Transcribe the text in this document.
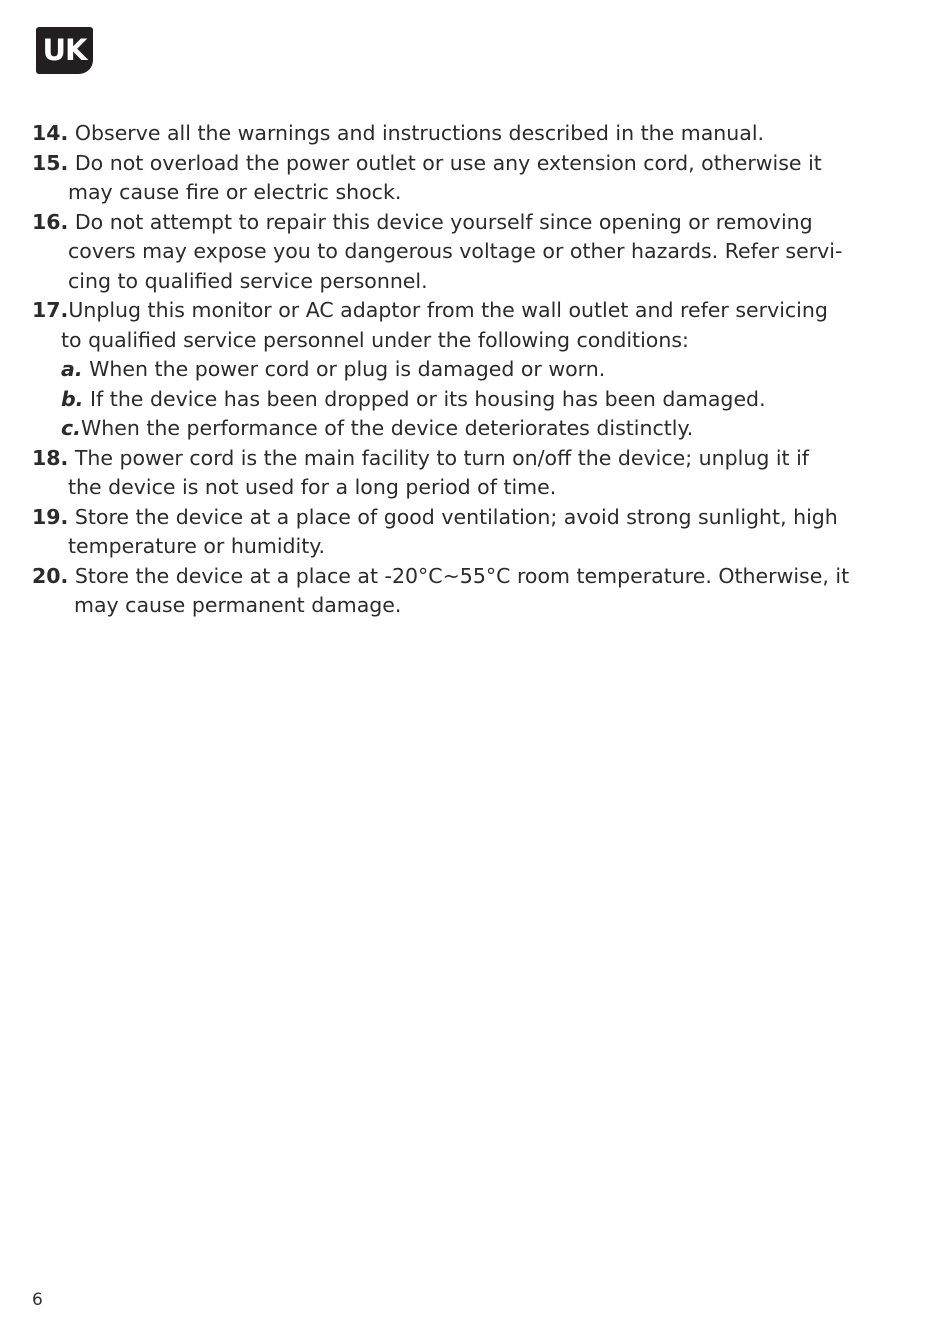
UK
14. Observe all the warnings and instructions described in the manual.
15. Do not overload the power outlet or use any extension cord, otherwise it
may cause fire or electric shock.
16. Do not attempt to repair this device yourself since opening or removing
covers may expose you to dangerous voltage or other hazards. Refer servi-
cing to qualified service personnel.
17.Unplug this monitor or AC adaptor from the wall outlet and refer servicing
to qualified service personnel under the following conditions:
a. When the power cord or plug is damaged or worn.
b. If the device has been dropped or its housing has been damaged.
c.When the performance of the device deteriorates distinctly.
18. The power cord is the main facility to turn on/off the device; unplug it if
the device is not used for a long period of time.
19. Store the device at a place of good ventilation; avoid strong sunlight, high
temperature or humidity.
20. Store the device at a place at -20°C~55°C room temperature. Otherwise, it
may cause permanent damage.
6
